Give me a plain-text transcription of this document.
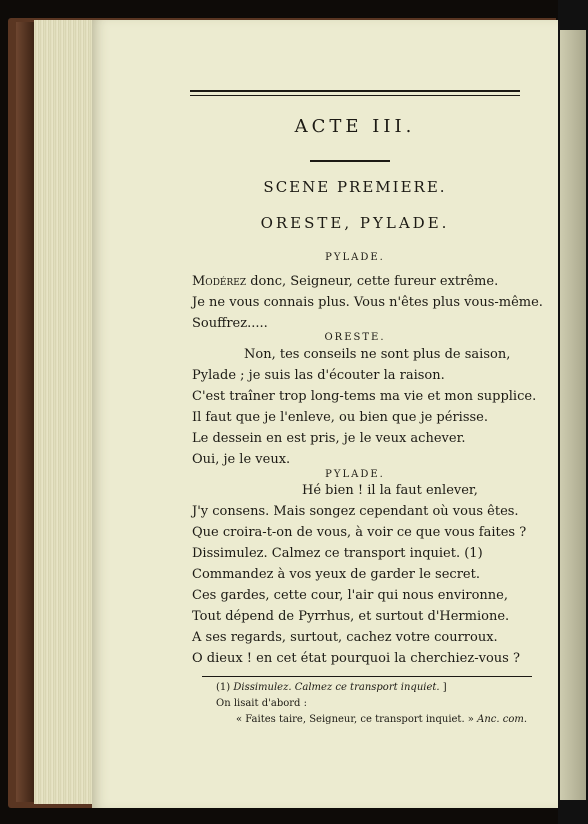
ACTE III.
SCENE PREMIERE.
ORESTE, PYLADE.
PYLADE.
Modérez donc, Seigneur, cette fureur extrême.
Je ne vous connais plus. Vous n'êtes plus vous-même.
Souffrez.....
ORESTE.
Non, tes conseils ne sont plus de saison,
Pylade ; je suis las d'écouter la raison.
C'est traîner trop long-tems ma vie et mon supplice.
Il faut que je l'enleve, ou bien que je périsse.
Le dessein en est pris, je le veux achever.
Oui, je le veux.
PYLADE.
Hé bien ! il la faut enlever,
J'y consens. Mais songez cependant où vous êtes.
Que croira-t-on de vous, à voir ce que vous faites ?
Dissimulez. Calmez ce transport inquiet. (1)
Commandez à vos yeux de garder le secret.
Ces gardes, cette cour, l'air qui nous environne,
Tout dépend de Pyrrhus, et surtout d'Hermione.
A ses regards, surtout, cachez votre courroux.
O dieux ! en cet état pourquoi la cherchiez-vous ?
(1) Dissimulez. Calmez ce transport inquiet. ]
On lisait d'abord :
« Faites taire, Seigneur, ce transport inquiet. » Anc. com.
